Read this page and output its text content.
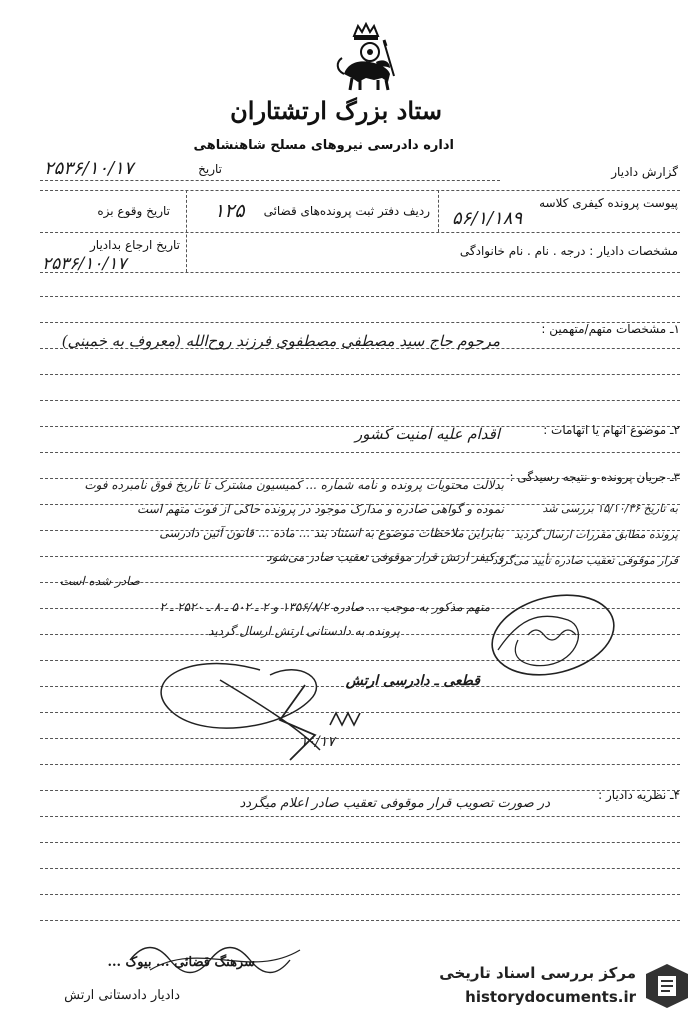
ستاد بزرگ ارتشتاران
اداره دادرسی نیروهای مسلح شاهنشاهی
گزارش دادیار
تاریخ
۲۵۳۶/۱۰/۱۷
پیوست پرونده کیفری کلاسه
۵۶/۱/۱۸۹
ردیف دفتر ثبت پرونده‌های قضائی
۱۲۵
تاریخ وقوع بزه
مشخصات دادیار : درجه . نام . نام خانوادگی
تاریخ ارجاع بدادیار
۲۵۳۶/۱۰/۱۷
۱ـ مشخصات متهم/متهمین :
مرحوم حاج سید مصطفی مصطفوی فرزند روح‌الله (معروف به خمینی)
۲ـ موضوع اتهام یا اتهامات :
اقدام علیه امنیت کشور
۳ـ جریان پرونده و نتیجه رسیدگی :
بدلالت محتویات پرونده و نامه شماره ... کمیسیون مشترک تا تاریخ فوق نامبرده فوت
نموده و گواهی صادره و مدارک موجود در پرونده حاکی از فوت متهم است
بنابراین ملاحظات موضوع به استناد بند ... ماده ... قانون آئین دادرسی
و کیفر ارتش قرار موقوفی تعقیب صادر می‌شود
صادر شده است
متهم مذکور به موجب ... صادره ۱۳۵۶/۸/۲ و ۲ ـ ۵۰۲ ـ ۸ ـ ۲۵۲۰ ـ ۲
پرونده به دادستانی ارتش ارسال گردید
به تاریخ ۱۵/۱۰/۳۶ بررسی شد
پرونده مطابق مقررات ارسال گردید
قرار موقوفی تعقیب صادره تأیید می‌گردد
قطعی ـ دادرسی ارتش
۱۰/۱۷
۴ـ نظریه دادیار :
در صورت تصویب قرار موقوفی تعقیب صادر اعلام میگردد
سرهنگ قضائی ... بیوک ...
دادیار دادستانی ارتش
مرکز بررسی اسناد تاریخی
historydocuments.ir
